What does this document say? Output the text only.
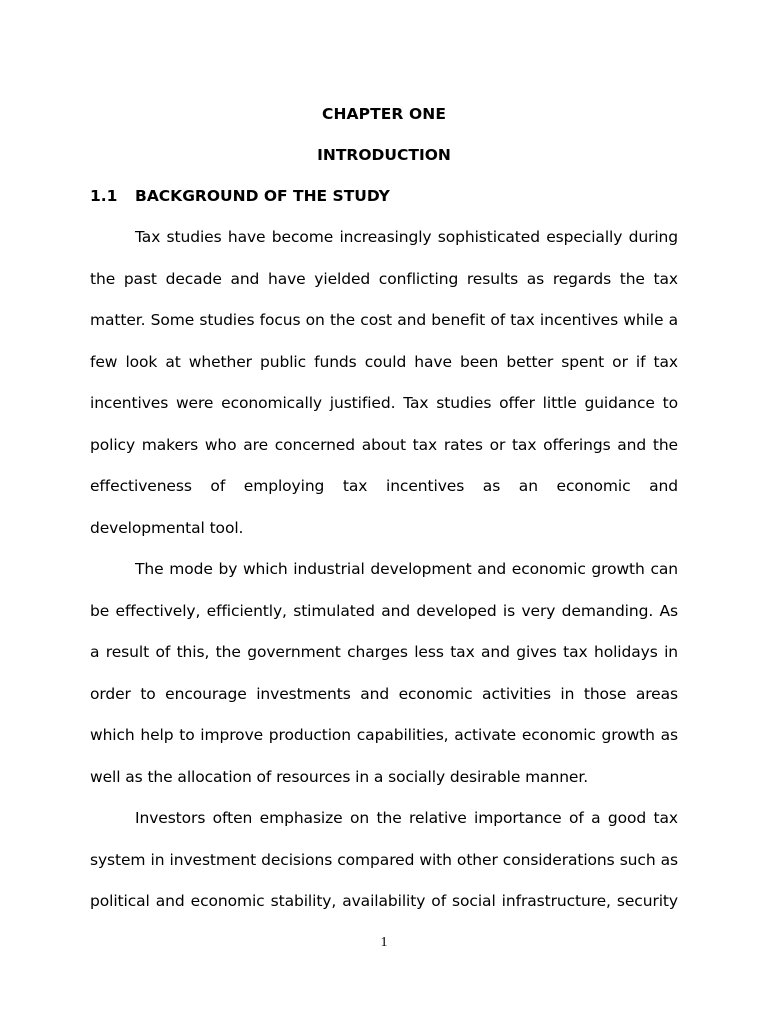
CHAPTER ONE
INTRODUCTION
1.1 BACKGROUND OF THE STUDY

Tax studies have become increasingly sophisticated especially during the past decade and have yielded conflicting results as regards the tax matter. Some studies focus on the cost and benefit of tax incentives while a few look at whether public funds could have been better spent or if tax incentives were economically justified. Tax studies offer little guidance to policy makers who are concerned about tax rates or tax offerings and the effectiveness of employing tax incentives as an economic and developmental tool.

The mode by which industrial development and economic growth can be effectively, efficiently, stimulated and developed is very demanding. As a result of this, the government charges less tax and gives tax holidays in order to encourage investments and economic activities in those areas which help to improve production capabilities, activate economic growth as well as the allocation of resources in a socially desirable manner.

Investors often emphasize on the relative importance of a good tax system in investment decisions compared with other considerations such as political and economic stability, availability of social infrastructure, security

1
